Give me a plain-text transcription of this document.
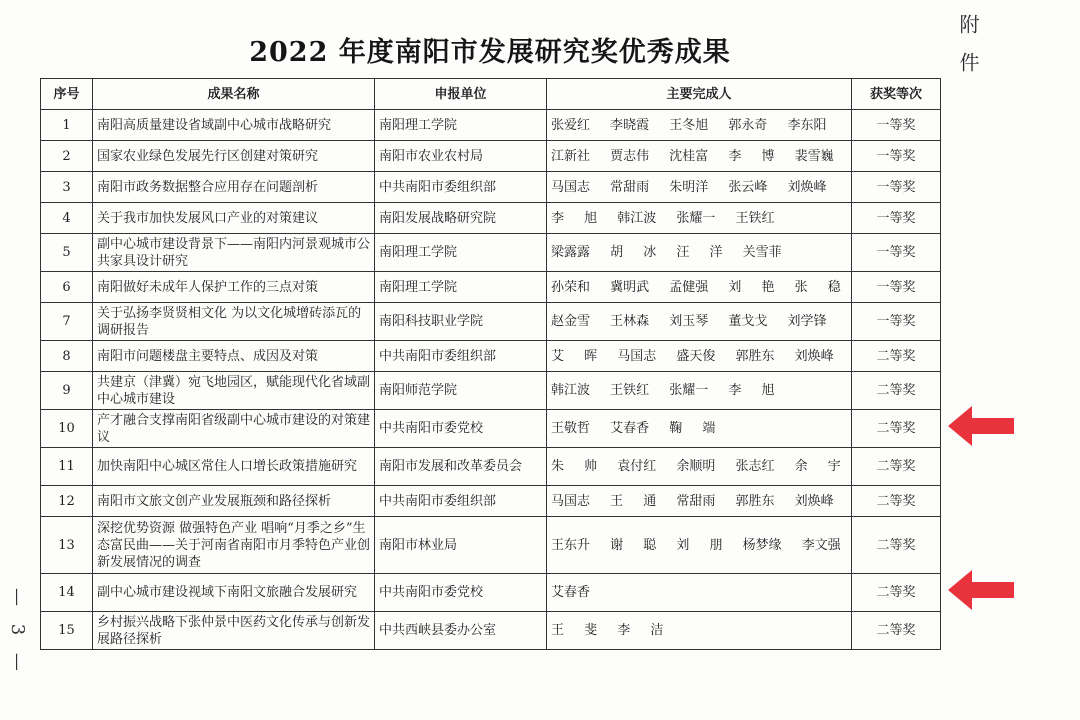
附件
2022 年度南阳市发展研究奖优秀成果
— 3 —
序号	成果名称	申报单位	主要完成人	获奖等次
1	南阳高质量建设省域副中心城市战略研究	南阳理工学院	张爱红 李晓霞 王冬旭 郭永奇 李东阳	一等奖
2	国家农业绿色发展先行区创建对策研究	南阳市农业农村局	江新社 贾志伟 沈桂富 李 博 裴雪巍	一等奖
3	南阳市政务数据整合应用存在问题剖析	中共南阳市委组织部	马国志 常甜雨 朱明洋 张云峰 刘焕峰	一等奖
4	关于我市加快发展风口产业的对策建议	南阳发展战略研究院	李 旭 韩江波 张耀一 王铁红	一等奖
5	副中心城市建设背景下——南阳内河景观城市公共家具设计研究	南阳理工学院	梁露露 胡 冰 汪 洋 关雪菲	一等奖
6	南阳做好未成年人保护工作的三点对策	南阳理工学院	孙荣和 冀明武 孟健强 刘 艳 张 稳	一等奖
7	关于弘扬李贤贤相文化 为以文化城增砖添瓦的调研报告	南阳科技职业学院	赵金雪 王林森 刘玉琴 董戈戈 刘学锋	一等奖
8	南阳市问题楼盘主要特点、成因及对策	中共南阳市委组织部	艾 晖 马国志 盛天俊 郭胜东 刘焕峰	二等奖
9	共建京（津冀）宛飞地园区，赋能现代化省域副中心城市建设	南阳师范学院	韩江波 王铁红 张耀一 李 旭	二等奖
10	产才融合支撑南阳省级副中心城市建设的对策建议	中共南阳市委党校	王敬哲 艾春香 鞠 端	二等奖
11	加快南阳中心城区常住人口增长政策措施研究	南阳市发展和改革委员会	朱 帅 袁付红 余顺明 张志红 余 宇	二等奖
12	南阳市文旅文创产业发展瓶颈和路径探析	中共南阳市委组织部	马国志 王 通 常甜雨 郭胜东 刘焕峰	二等奖
13	深挖优势资源 做强特色产业 唱响“月季之乡”生态富民曲——关于河南省南阳市月季特色产业创新发展情况的调查	南阳市林业局	王东升 谢 聪 刘 朋 杨梦缘 李文强	二等奖
14	副中心城市建设视域下南阳文旅融合发展研究	中共南阳市委党校	艾春香	二等奖
15	乡村振兴战略下张仲景中医药文化传承与创新发展路径探析	中共西峡县委办公室	王 斐 李 洁	二等奖
